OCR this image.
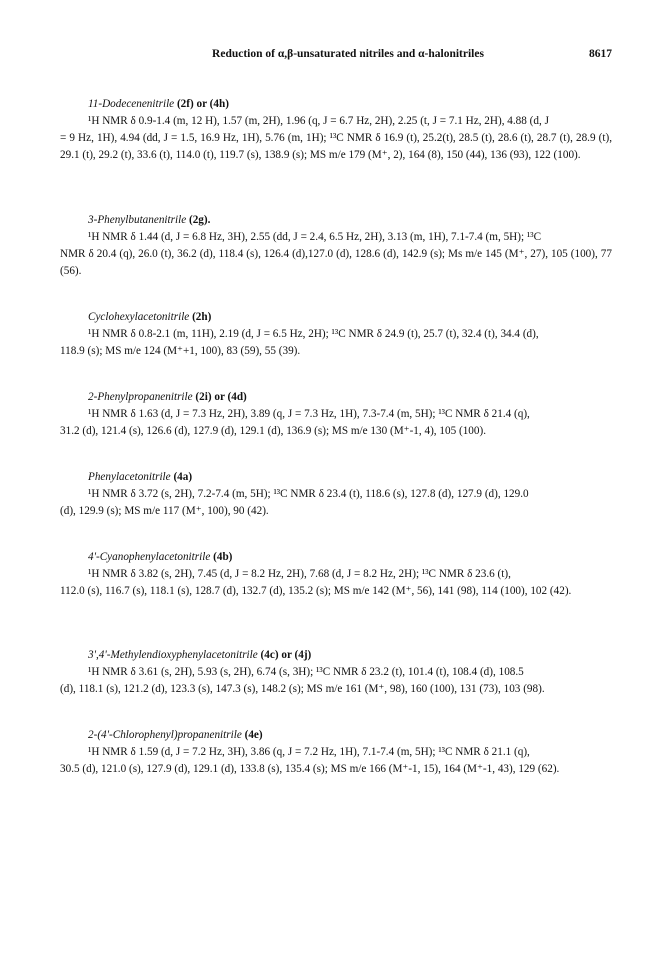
Reduction of α,β-unsaturated nitriles and α-halonitriles	8617
11-Dodecenenitrile (2f) or (4h)
¹H NMR δ 0.9-1.4 (m, 12 H), 1.57 (m, 2H), 1.96 (q, J = 6.7 Hz, 2H), 2.25 (t, J = 7.1 Hz, 2H), 4.88 (d, J
= 9 Hz, 1H), 4.94 (dd, J = 1.5, 16.9 Hz, 1H), 5.76 (m, 1H); ¹³C NMR δ 16.9 (t), 25.2(t), 28.5 (t), 28.6 (t), 28.7 (t), 28.9 (t), 29.1 (t), 29.2 (t), 33.6 (t), 114.0 (t), 119.7 (s), 138.9 (s); MS m/e 179 (M⁺, 2), 164 (8), 150 (44), 136 (93), 122 (100).
3-Phenylbutanenitrile (2g).
¹H NMR δ 1.44 (d, J = 6.8 Hz, 3H), 2.55 (dd, J = 2.4, 6.5 Hz, 2H), 3.13 (m, 1H), 7.1-7.4 (m, 5H); ¹³C
NMR δ 20.4 (q), 26.0 (t), 36.2 (d), 118.4 (s), 126.4 (d),127.0 (d), 128.6 (d), 142.9 (s); Ms m/e 145 (M⁺, 27), 105 (100), 77 (56).
Cyclohexylacetonitrile (2h)
¹H NMR δ 0.8-2.1 (m, 11H), 2.19 (d, J = 6.5 Hz, 2H); ¹³C NMR δ 24.9 (t), 25.7 (t), 32.4 (t), 34.4 (d),
118.9 (s); MS m/e 124 (M⁺+1, 100), 83 (59), 55 (39).
2-Phenylpropanenitrile (2i) or (4d)
¹H NMR δ 1.63 (d, J = 7.3 Hz, 2H), 3.89 (q, J = 7.3 Hz, 1H), 7.3-7.4 (m, 5H); ¹³C NMR δ 21.4 (q),
31.2 (d), 121.4 (s), 126.6 (d), 127.9 (d), 129.1 (d), 136.9 (s); MS m/e 130 (M⁺-1, 4), 105 (100).
Phenylacetonitrile (4a)
¹H NMR δ 3.72 (s, 2H), 7.2-7.4 (m, 5H); ¹³C NMR δ 23.4 (t), 118.6 (s), 127.8 (d), 127.9 (d), 129.0
(d), 129.9 (s); MS m/e 117 (M⁺, 100), 90 (42).
4'-Cyanophenylacetonitrile (4b)
¹H NMR δ 3.82 (s, 2H), 7.45 (d, J = 8.2 Hz, 2H), 7.68 (d, J = 8.2 Hz, 2H); ¹³C NMR δ 23.6 (t),
112.0 (s), 116.7 (s), 118.1 (s), 128.7 (d), 132.7 (d), 135.2 (s); MS m/e 142 (M⁺, 56), 141 (98), 114 (100), 102 (42).
3',4'-Methylendioxyphenylacetonitrile (4c) or (4j)
¹H NMR δ 3.61 (s, 2H), 5.93 (s, 2H), 6.74 (s, 3H); ¹³C NMR δ 23.2 (t), 101.4 (t), 108.4 (d), 108.5
(d), 118.1 (s), 121.2 (d), 123.3 (s), 147.3 (s), 148.2 (s); MS m/e 161 (M⁺, 98), 160 (100), 131 (73), 103 (98).
2-(4'-Chlorophenyl)propanenitrile (4e)
¹H NMR δ 1.59 (d, J = 7.2 Hz, 3H), 3.86 (q, J = 7.2 Hz, 1H), 7.1-7.4 (m, 5H); ¹³C NMR δ 21.1 (q),
30.5 (d), 121.0 (s), 127.9 (d), 129.1 (d), 133.8 (s), 135.4 (s); MS m/e 166 (M⁺-1, 15), 164 (M⁺-1, 43), 129 (62).
